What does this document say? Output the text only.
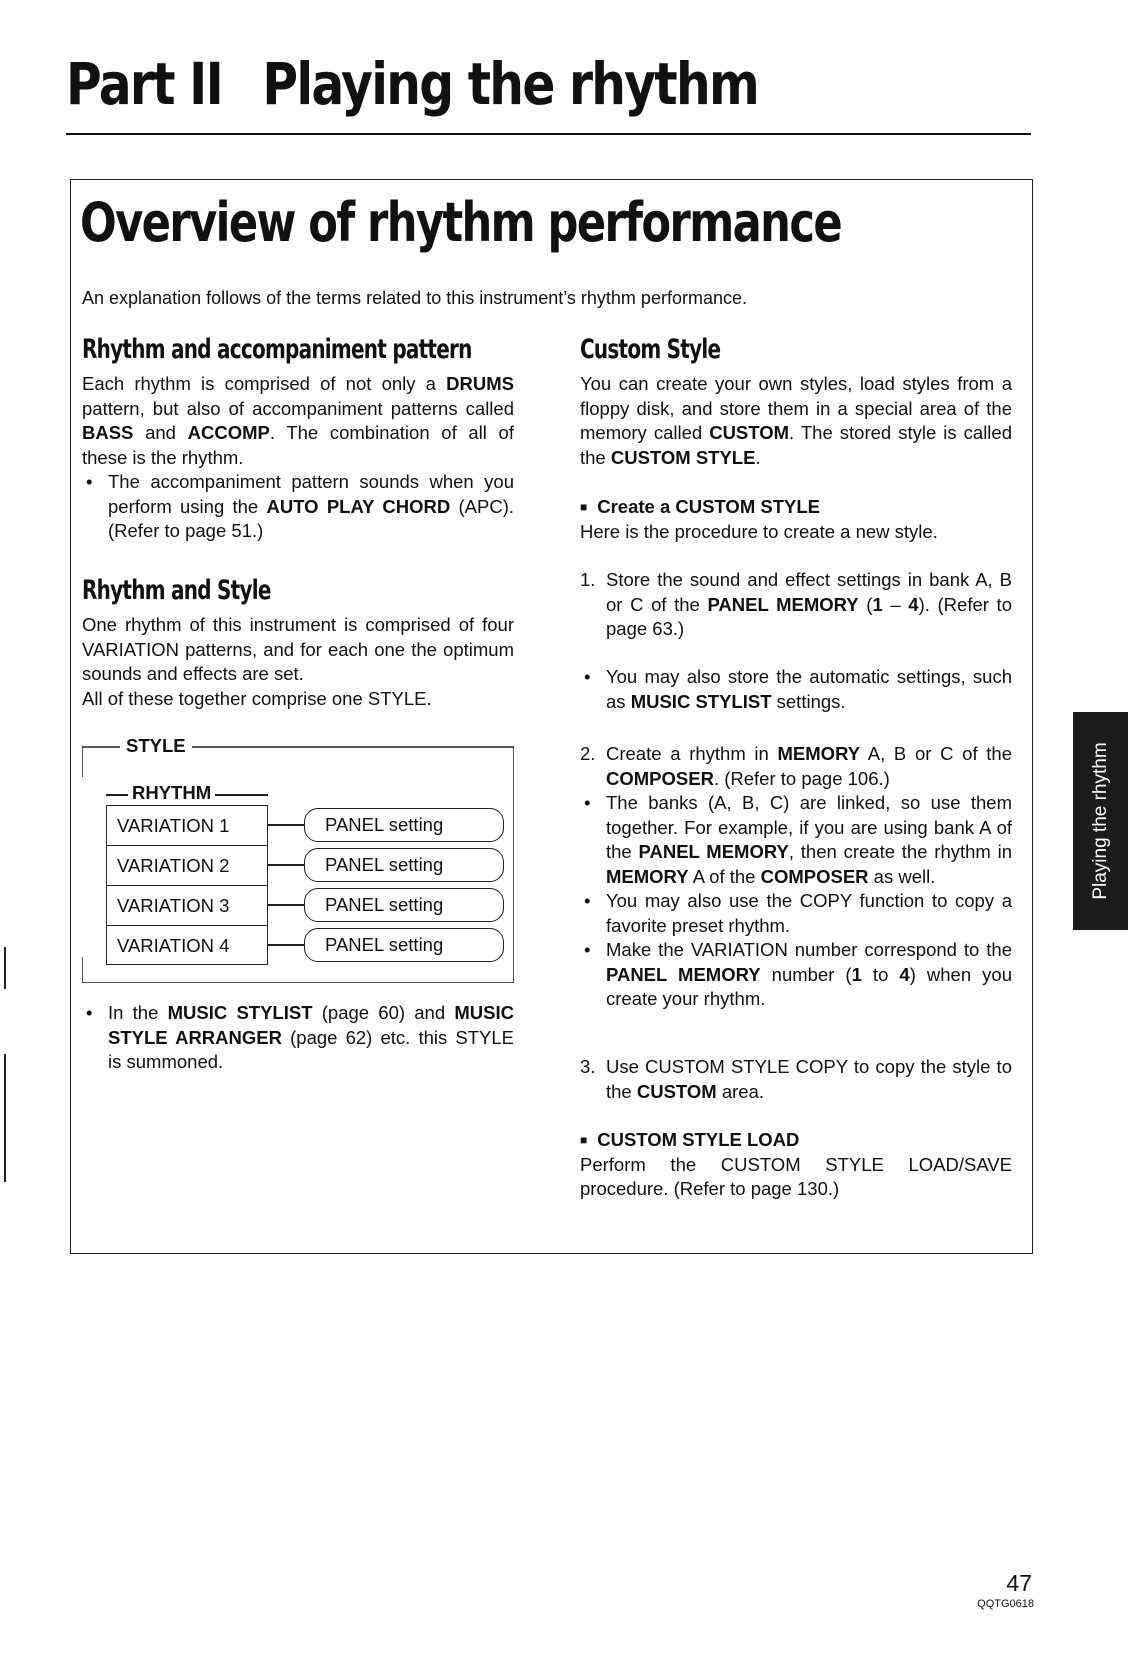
Part II Playing the rhythm
Overview of rhythm performance
An explanation follows of the terms related to this instrument’s rhythm performance.
Rhythm and accompaniment pattern

Each rhythm is comprised of not only a DRUMS pattern, but also of accompaniment patterns called BASS and ACCOMP. The combination of all of these is the rhythm.

• The accompaniment pattern sounds when you perform using the AUTO PLAY CHORD (APC). (Refer to page 51.)

Rhythm and Style

One rhythm of this instrument is comprised of four VARIATION patterns, and for each one the optimum sounds and effects are set.

All of these together comprise one STYLE.

STYLE
RHYTHM
VARIATION 1
VARIATION 2
VARIATION 3
VARIATION 4
PANEL setting
PANEL setting
PANEL setting
PANEL setting

• In the MUSIC STYLIST (page 60) and MUSIC STYLE ARRANGER (page 62) etc. this STYLE is summoned.

Custom Style

You can create your own styles, load styles from a floppy disk, and store them in a special area of the memory called CUSTOM. The stored style is called the CUSTOM STYLE.

■ Create a CUSTOM STYLE

Here is the procedure to create a new style.

1. Store the sound and effect settings in bank A, B or C of the PANEL MEMORY (1 – 4). (Refer to page 63.)

• You may also store the automatic settings, such as MUSIC STYLIST settings.

2. Create a rhythm in MEMORY A, B or C of the COMPOSER. (Refer to page 106.)

• The banks (A, B, C) are linked, so use them together. For example, if you are using bank A of the PANEL MEMORY, then create the rhythm in MEMORY A of the COMPOSER as well.

• You may also use the COPY function to copy a favorite preset rhythm.

• Make the VARIATION number correspond to the PANEL MEMORY number (1 to 4) when you create your rhythm.

3. Use CUSTOM STYLE COPY to copy the style to the CUSTOM area.

■ CUSTOM STYLE LOAD

Perform the CUSTOM STYLE LOAD/SAVE procedure. (Refer to page 130.)

Playing the rhythm
47
QQTG0618
